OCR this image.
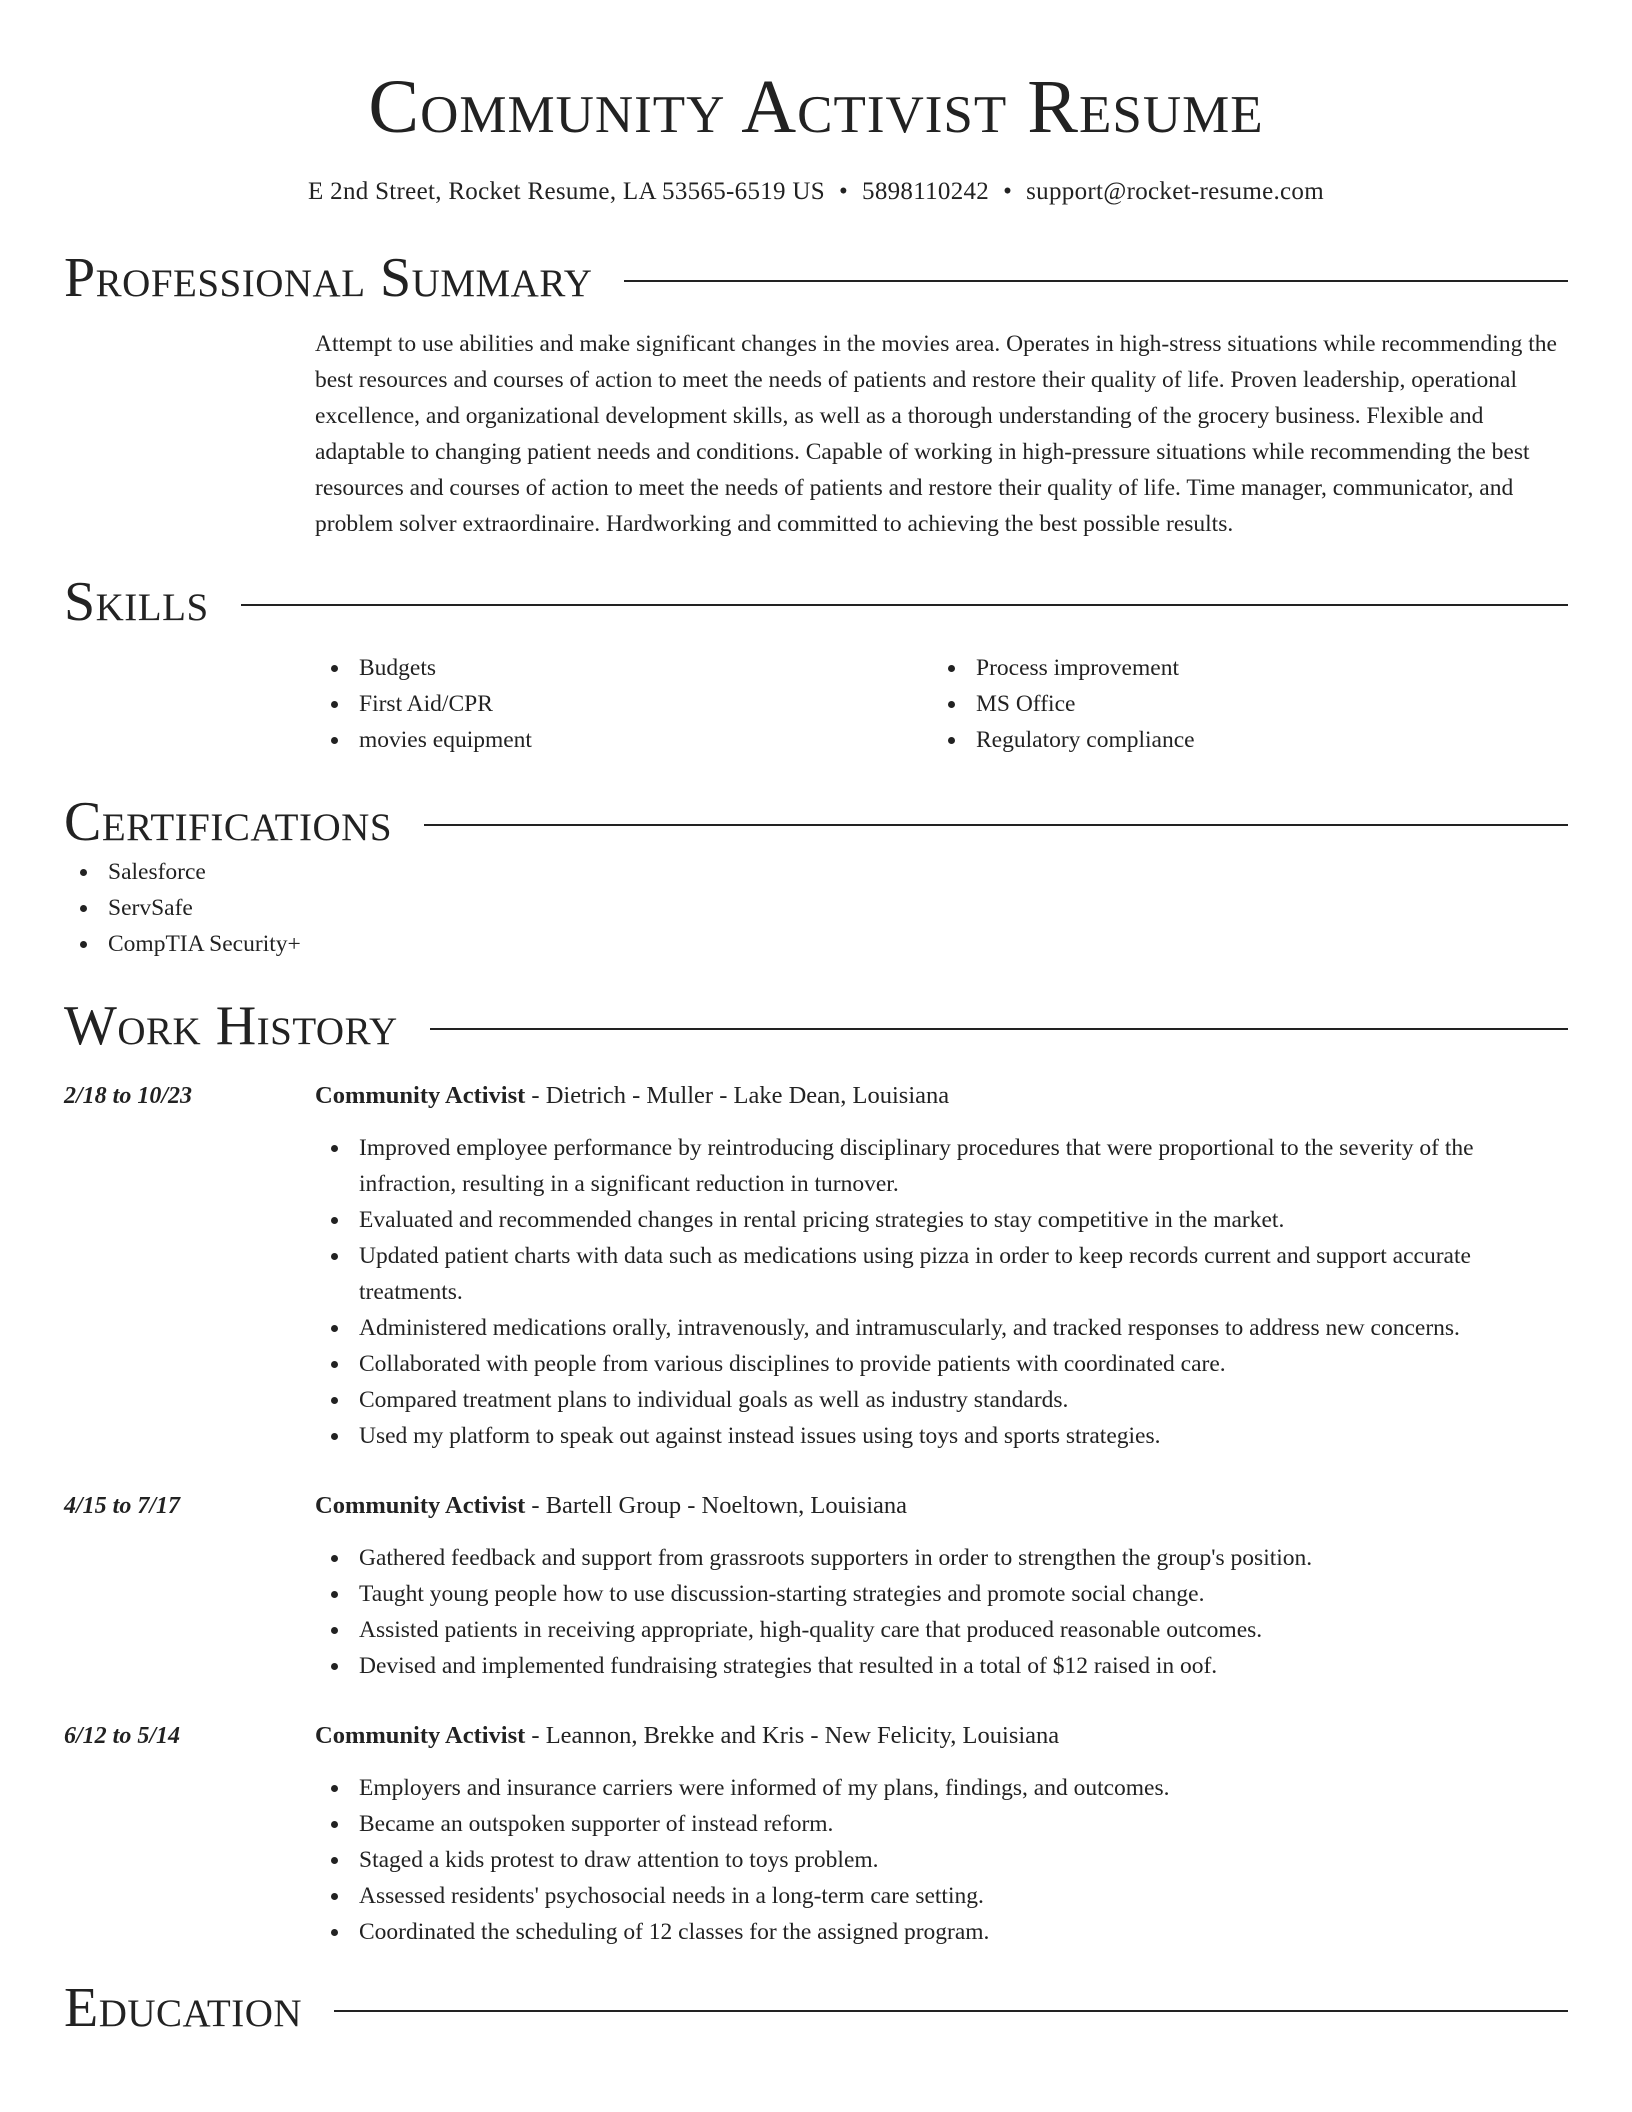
Community Activist Resume
E 2nd Street, Rocket Resume, LA 53565-6519 US • 5898110242 • support@rocket-resume.com
Professional Summary
Attempt to use abilities and make significant changes in the movies area. Operates in high-stress situations while recommending the best resources and courses of action to meet the needs of patients and restore their quality of life. Proven leadership, operational excellence, and organizational development skills, as well as a thorough understanding of the grocery business. Flexible and adaptable to changing patient needs and conditions. Capable of working in high-pressure situations while recommending the best resources and courses of action to meet the needs of patients and restore their quality of life. Time manager, communicator, and problem solver extraordinaire. Hardworking and committed to achieving the best possible results.
Skills
Budgets
First Aid/CPR
movies equipment
Process improvement
MS Office
Regulatory compliance
Certifications
Salesforce
ServSafe
CompTIA Security+
Work History
2/18 to 10/23	Community Activist - Dietrich - Muller - Lake Dean, Louisiana
Improved employee performance by reintroducing disciplinary procedures that were proportional to the severity of the infraction, resulting in a significant reduction in turnover.
Evaluated and recommended changes in rental pricing strategies to stay competitive in the market.
Updated patient charts with data such as medications using pizza in order to keep records current and support accurate treatments.
Administered medications orally, intravenously, and intramuscularly, and tracked responses to address new concerns.
Collaborated with people from various disciplines to provide patients with coordinated care.
Compared treatment plans to individual goals as well as industry standards.
Used my platform to speak out against instead issues using toys and sports strategies.
4/15 to 7/17	Community Activist - Bartell Group - Noeltown, Louisiana
Gathered feedback and support from grassroots supporters in order to strengthen the group's position.
Taught young people how to use discussion-starting strategies and promote social change.
Assisted patients in receiving appropriate, high-quality care that produced reasonable outcomes.
Devised and implemented fundraising strategies that resulted in a total of $12 raised in oof.
6/12 to 5/14	Community Activist - Leannon, Brekke and Kris - New Felicity, Louisiana
Employers and insurance carriers were informed of my plans, findings, and outcomes.
Became an outspoken supporter of instead reform.
Staged a kids protest to draw attention to toys problem.
Assessed residents' psychosocial needs in a long-term care setting.
Coordinated the scheduling of 12 classes for the assigned program.
Education
